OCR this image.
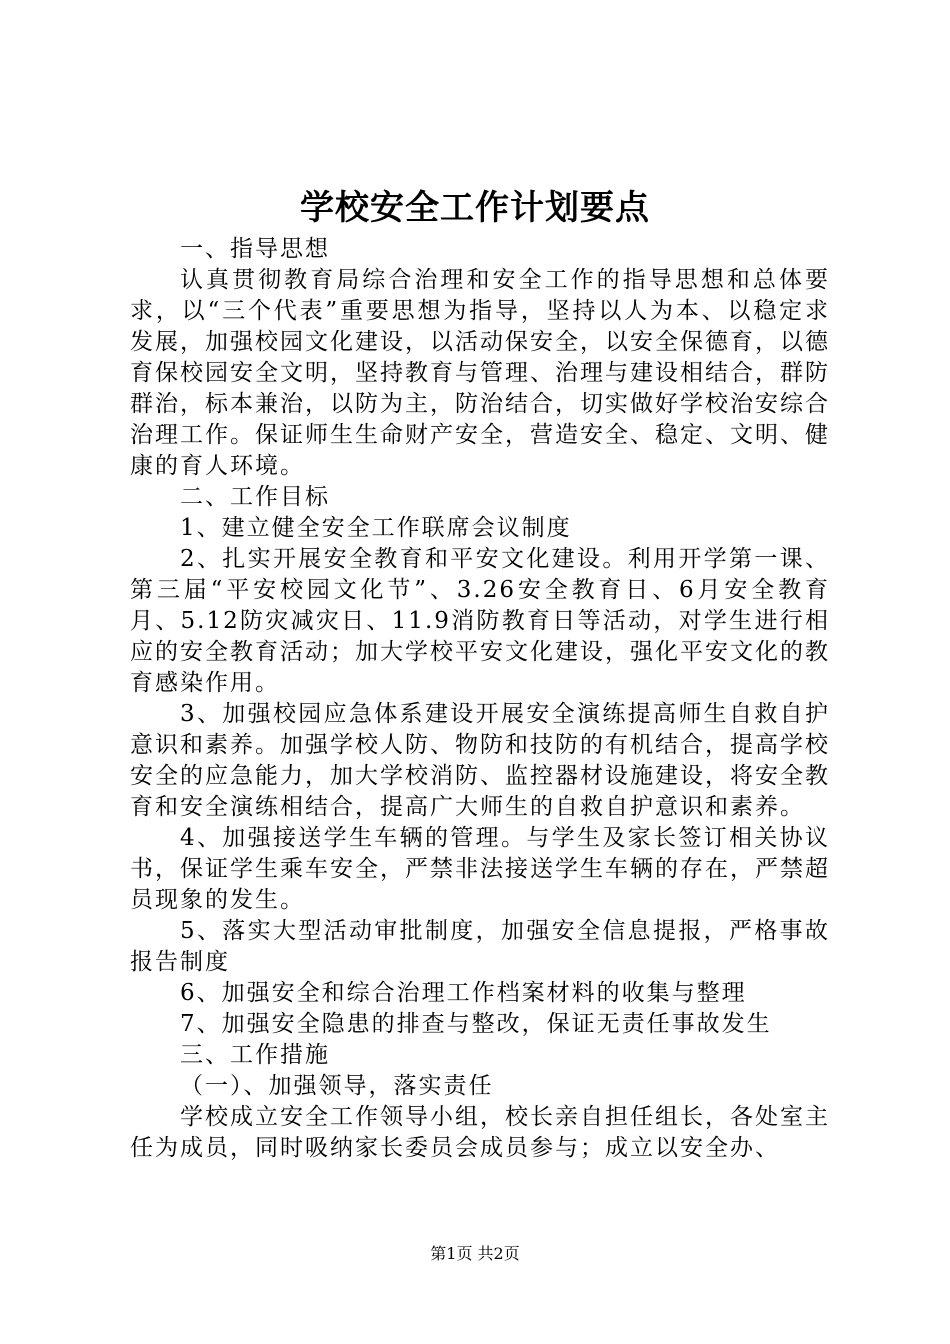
学校安全工作计划要点

一、指导思想

认真贯彻教育局综合治理和安全工作的指导思想和总体要求，以“三个代表”重要思想为指导，坚持以人为本、以稳定求发展，加强校园文化建设，以活动保安全，以安全保德育，以德育保校园安全文明，坚持教育与管理、治理与建设相结合，群防群治，标本兼治，以防为主，防治结合，切实做好学校治安综合治理工作。保证师生生命财产安全，营造安全、稳定、文明、健康的育人环境。

二、工作目标

1、建立健全安全工作联席会议制度

2、扎实开展安全教育和平安文化建设。利用开学第一课、第三届“平安校园文化节”、3.26安全教育日、6月安全教育月、5.12防灾减灾日、11.9消防教育日等活动，对学生进行相应的安全教育活动；加大学校平安文化建设，强化平安文化的教育感染作用。

3、加强校园应急体系建设开展安全演练提高师生自救自护意识和素养。加强学校人防、物防和技防的有机结合，提高学校安全的应急能力，加大学校消防、监控器材设施建设，将安全教育和安全演练相结合，提高广大师生的自救自护意识和素养。

4、加强接送学生车辆的管理。与学生及家长签订相关协议书，保证学生乘车安全，严禁非法接送学生车辆的存在，严禁超员现象的发生。

5、落实大型活动审批制度，加强安全信息提报，严格事故报告制度

6、加强安全和综合治理工作档案材料的收集与整理

7、加强安全隐患的排查与整改，保证无责任事故发生

三、工作措施

（一）、加强领导，落实责任

学校成立安全工作领导小组，校长亲自担任组长，各处室主任为成员，同时吸纳家长委员会成员参与；成立以安全办、

第1页 共2页
